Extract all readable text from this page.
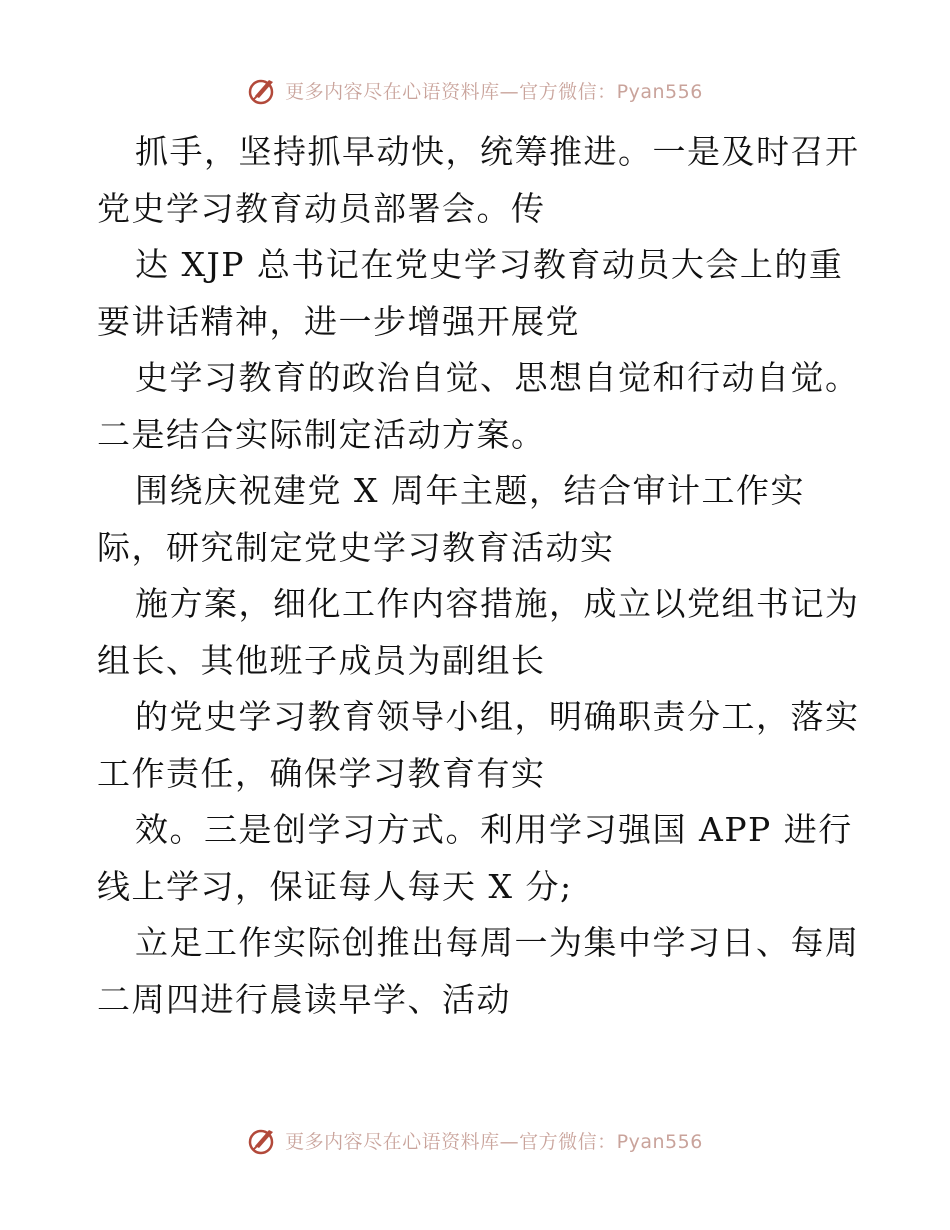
更多内容尽在心语资料库—官方微信：Pyan556
抓手，坚持抓早动快，统筹推进。一是及时召开
党史学习教育动员部署会。传
达 XJP 总书记在党史学习教育动员大会上的重
要讲话精神，进一步增强开展党
史学习教育的政治自觉、思想自觉和行动自觉。
二是结合实际制定活动方案。
围绕庆祝建党 X 周年主题，结合审计工作实
际，研究制定党史学习教育活动实
施方案，细化工作内容措施，成立以党组书记为
组长、其他班子成员为副组长
的党史学习教育领导小组，明确职责分工，落实
工作责任，确保学习教育有实
效。三是创学习方式。利用学习强国 APP 进行
线上学习，保证每人每天 X 分;
立足工作实际创推出每周一为集中学习日、每周
二周四进行晨读早学、活动
更多内容尽在心语资料库—官方微信：Pyan556
